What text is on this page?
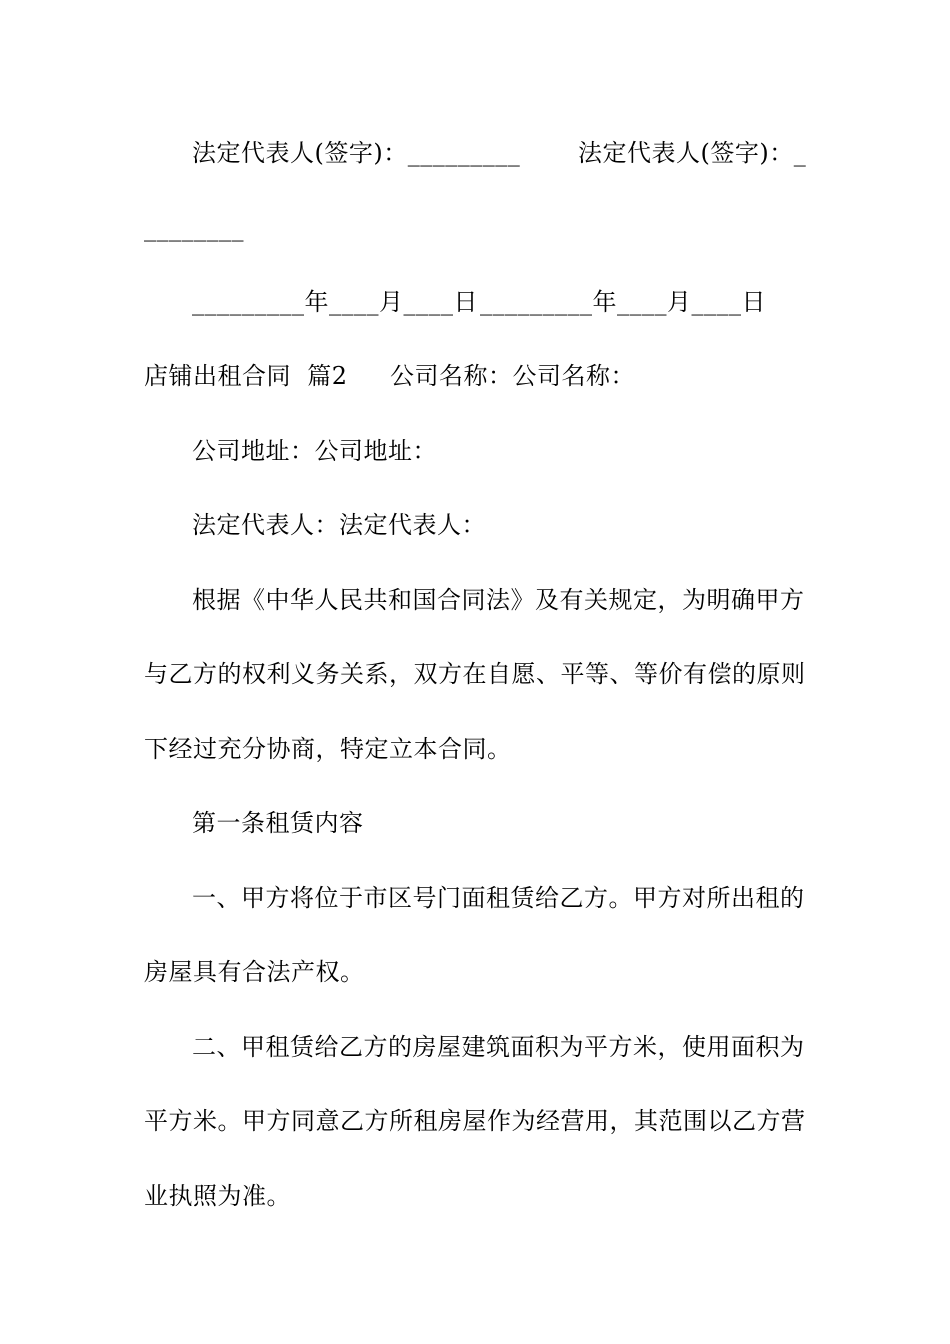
法定代表人(签字)：_________ 法定代表人(签字)：_
________
_________年____月____日 _________年____月____日
店铺出租合同  篇2 公司名称：公司名称：
公司地址：公司地址：
法定代表人：法定代表人：
根据《中华人民共和国合同法》及有关规定，为明确甲方
与乙方的权利义务关系，双方在自愿、平等、等价有偿的原则
下经过充分协商，特定立本合同。
第一条租赁内容
一、甲方将位于市区号门面租赁给乙方。甲方对所出租的
房屋具有合法产权。
二、甲租赁给乙方的房屋建筑面积为平方米，使用面积为
平方米。甲方同意乙方所租房屋作为经营用，其范围以乙方营
业执照为准。
